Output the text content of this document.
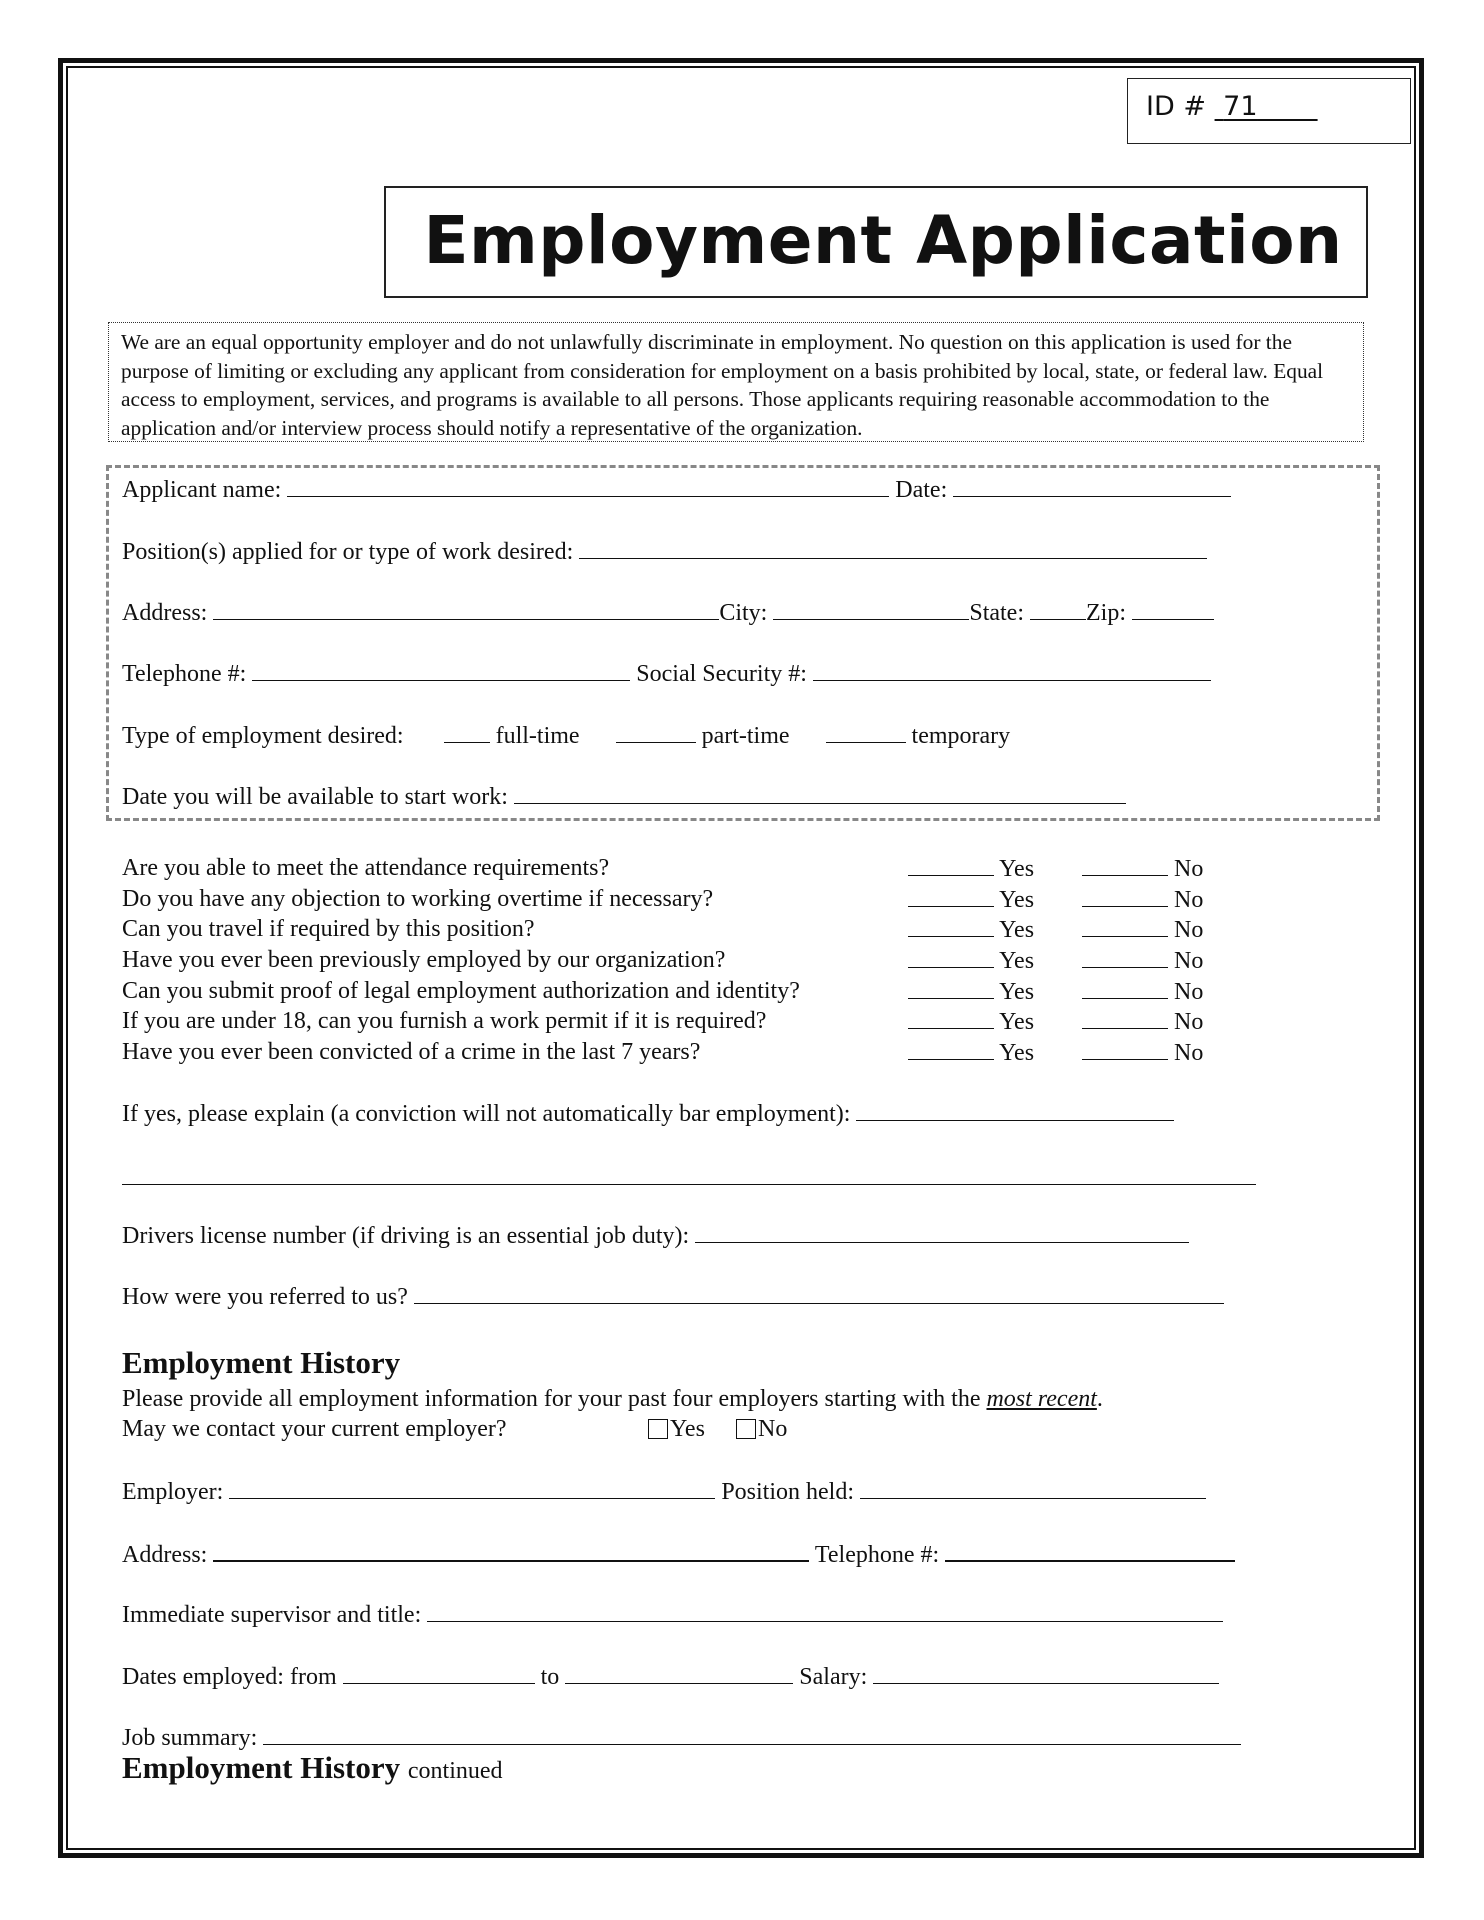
ID # 71
Employment Application
We are an equal opportunity employer and do not unlawfully discriminate in employment. No question on this application is used for the purpose of limiting or excluding any applicant from consideration for employment on a basis prohibited by local, state, or federal law. Equal access to employment, services, and programs is available to all persons. Those applicants requiring reasonable accommodation to the application and/or interview process should notify a representative of the organization.
Applicant name:	Date:
Position(s) applied for or type of work desired:
Address:	City:	State:	Zip:
Telephone #:	Social Security #:
Type of employment desired:	full-time	part-time	temporary
Date you will be available to start work:
Are you able to meet the attendance requirements?	Yes	No
Do you have any objection to working overtime if necessary?	Yes	No
Can you travel if required by this position?	Yes	No
Have you ever been previously employed by our organization?	Yes	No
Can you submit proof of legal employment authorization and identity?	Yes	No
If you are under 18, can you furnish a work permit if it is required?	Yes	No
Have you ever been convicted of a crime in the last 7 years?	Yes	No
If yes, please explain (a conviction will not automatically bar employment):
Drivers license number (if driving is an essential job duty):
How were you referred to us?
Employment History
Please provide all employment information for your past four employers starting with the most recent.
May we contact your current employer?	Yes	No
Employer:	Position held:
Address:	Telephone #:
Immediate supervisor and title:
Dates employed: from	to	Salary:
Job summary:
Employment History continued
